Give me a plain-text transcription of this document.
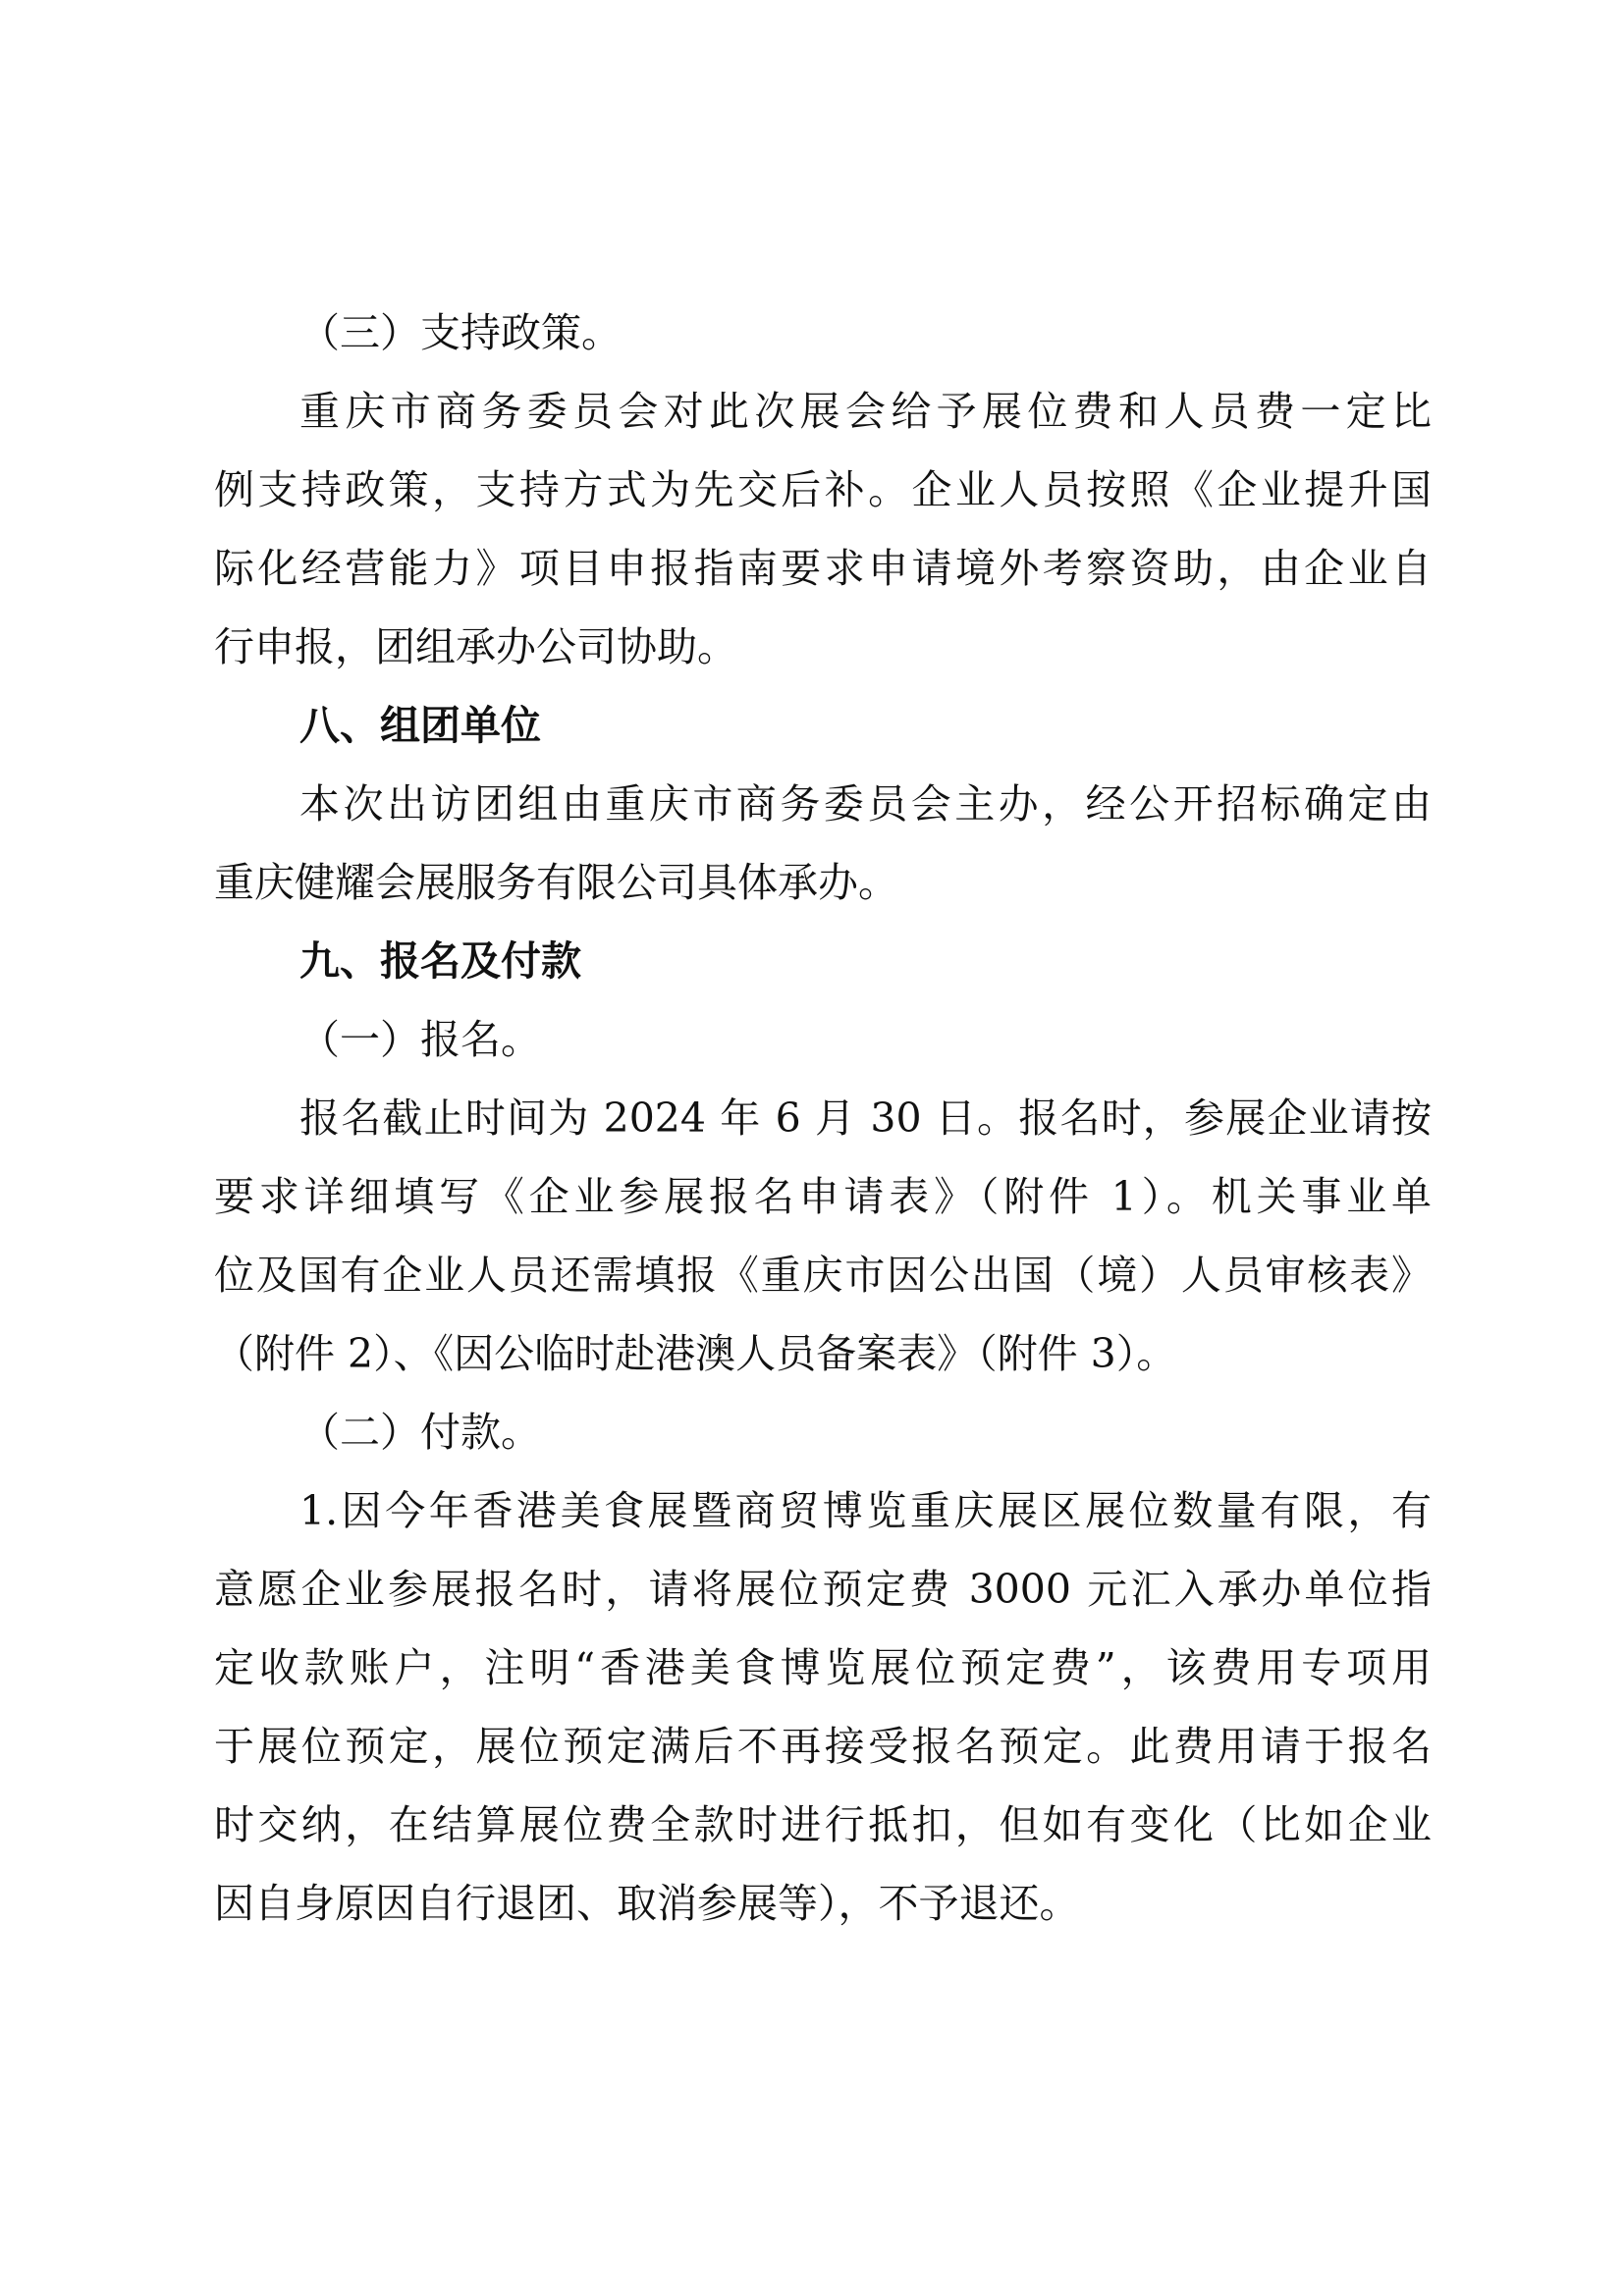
（三）支持政策。
重庆市商务委员会对此次展会给予展位费和人员费一定比
例支持政策，支持方式为先交后补。企业人员按照《企业提升国
际化经营能力》项目申报指南要求申请境外考察资助，由企业自
行申报，团组承办公司协助。
八、组团单位
本次出访团组由重庆市商务委员会主办，经公开招标确定由
重庆健耀会展服务有限公司具体承办。
九、报名及付款
（一）报名。
报名截止时间为 2024 年 6 月 30 日。报名时，参展企业请按
要求详细填写《企业参展报名申请表》（附件 1）。机关事业单
位及国有企业人员还需填报《重庆市因公出国（境）人员审核表》
（附件 2）、《因公临时赴港澳人员备案表》（附件 3）。
（二）付款。
1.因今年香港美食展暨商贸博览重庆展区展位数量有限，有
意愿企业参展报名时，请将展位预定费 3000 元汇入承办单位指
定收款账户，注明“香港美食博览展位预定费”，该费用专项用
于展位预定，展位预定满后不再接受报名预定。此费用请于报名
时交纳，在结算展位费全款时进行抵扣，但如有变化（比如企业
因自身原因自行退团、取消参展等），不予退还。
